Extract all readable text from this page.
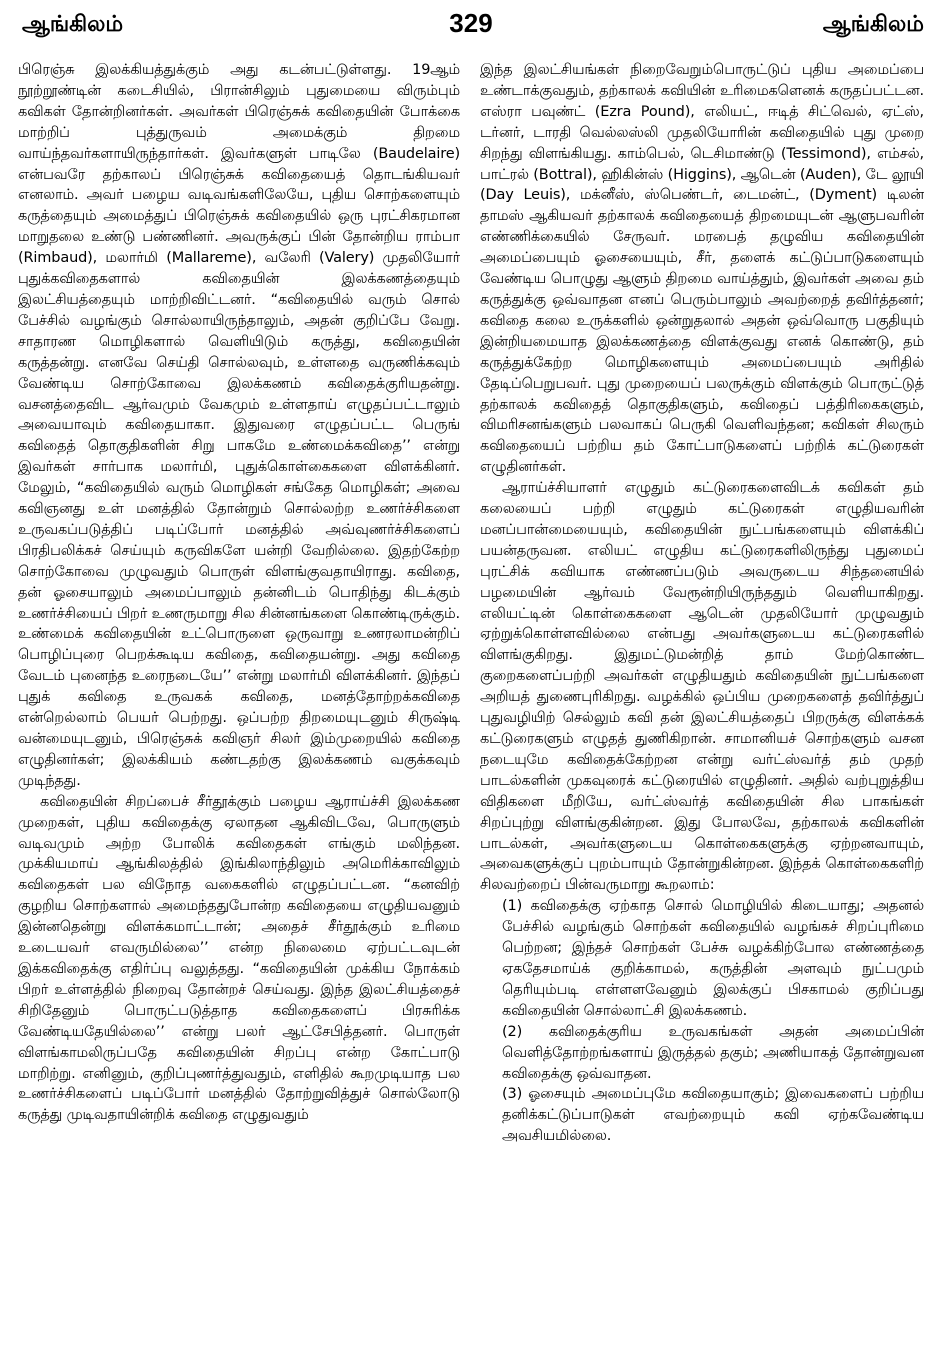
329
ஆங்கிலம்	ஆங்கிலம்

பிரெஞ்சு இலக்கியத்துக்கும் அது கடன்பட்டுள்ளது. 19ஆம் நூற்றூண்டின் கடைசியில், பிரான்சிலும் புதுமையை விரும்பும் கவிகள் தோன்றினர்கள். அவர்கள் பிரெஞ்சுக் கவிதையின் போக்கை மாற்றிப் புத்துருவம் அமைக்கும் திறமை வாய்ந்தவர்களாயிருந்தார்கள். இவர்களுள் பாடிலே (Baudelaire) என்பவரே தற்காலப் பிரெஞ்சுக் கவிதையைத் தொடங்கியவர் எனலாம். அவர் பழைய வடிவங்களிலேயே, புதிய சொற்களையும் கருத்தையும் அமைத்துப் பிரெஞ்சுக் கவிதையில் ஒரு புரட்சிகரமான மாறுதலை உண்டு பண்ணினர். அவருக்குப் பின் தோன்றிய ராம்பா (Rimbaud), மலார்மி (Mallareme), வலேரி (Valery) முதலியோர் புதுக்கவிதைகளால் கவிதையின் இலக்கணத்தையும் இலட்சியத்தையும் மாற்றிவிட்டனர். “கவிதையில் வரும் சொல் பேச்சில் வழங்கும் சொல்லாயிருந்தாலும், அதன் குறிப்பே வேறு. சாதாரண மொழிகளால் வெளியிடும் கருத்து, கவிதையின் கருத்தன்று. எனவே செய்தி சொல்லவும், உள்ளதை வருணிக்கவும் வேண்டிய சொற்கோவை இலக்கணம் கவிதைக்குரியதன்று. வசனத்தைவிட ஆர்வமும் வேகமும் உள்ளதாய் எழுதப்பட்டாலும் அவையாவும் கவிதையாகா. இதுவரை எழுதப்பட்ட பெருங் கவிதைத் தொகுதிகளின் சிறு பாகமே உண்மைக்கவிதை’’ என்று இவர்கள் சார்பாக மலார்மி, புதுக்கொள்கைகளை விளக்கினர். மேலும், “கவிதையில் வரும் மொழிகள் சங்கேத மொழிகள்; அவை கவிஞனது உள் மனத்தில் தோன்றும் சொல்லற்ற உணர்ச்சிகளை உருவகப்படுத்திப் படிப்போர் மனத்தில் அவ்வுணர்ச்சிகளைப் பிரதிபலிக்கச் செய்யும் கருவிகளே யன்றி வேறில்லை. இதற்கேற்ற சொற்கோவை முழுவதும் பொருள் விளங்குவதாயிராது. கவிதை, தன் ஓசையாலும் அமைப்பாலும் தன்னிடம் பொதிந்து கிடக்கும் உணர்ச்சியைப் பிறர் உணருமாறு சில சின்னங்களை கொண்டிருக்கும். உண்மைக் கவிதையின் உட்பொருளை ஒருவாறு உணரலாமன்றிப் பொழிப்புரை பெறக்கூடிய கவிதை, கவிதையன்று. அது கவிதை வேடம் புனைந்த உரைநடையே’’ என்று மலார்மி விளக்கினர். இந்தப் புதுக் கவிதை உருவகக் கவிதை, மனத்தோற்றக்கவிதை என்றெல்லாம் பெயர் பெற்றது. ஒப்பற்ற திறமையுடனும் சிருஷ்டி வன்மையுடனும், பிரெஞ்சுக் கவிஞர் சிலர் இம்முறையில் கவிதை எழுதினர்கள்; இலக்கியம் கண்டதற்கு இலக்கணம் வகுக்கவும் முடிந்தது.

கவிதையின் சிறப்பைச் சீர்தூக்கும் பழைய ஆராய்ச்சி இலக்கண முறைகள், புதிய கவிதைக்கு ஏலாதன ஆகிவிடவே, பொருளும் வடிவமும் அற்ற போலிக் கவிதைகள் எங்கும் மலிந்தன. முக்கியமாய் ஆங்கிலத்தில் இங்கிலாந்திலும் அமெரிக்காவிலும் கவிதைகள் பல விநோத வகைகளில் எழுதப்பட்டன. “கனவிற் குழறிய சொற்களால் அமைந்ததுபோன்ற கவிதையை எழுதியவனும் இன்னதென்று விளக்கமாட்டான்; அதைச் சீர்தூக்கும் உரிமை உடையவர் எவருமில்லை’’ என்ற நிலைமை ஏற்பட்டவுடன் இக்கவிதைக்கு எதிர்ப்பு வலுத்தது. “கவிதையின் முக்கிய நோக்கம் பிறர் உள்ளத்தில் நிறைவு தோன்றச் செய்வது. இந்த இலட்சியத்தைச் சிறிதேனும் பொருட்படுத்தாத கவிதைகளைப் பிரசுரிக்க வேண்டியதேயில்லை’’ என்று பலர் ஆட்சேபித்தனர். பொருள் விளங்காமலிருப்பதே கவிதையின் சிறப்பு என்ற கோட்பாடு மாறிற்று. எனினும், குறிப்புணர்த்துவதும், எளிதில் கூறமுடியாத பல உணர்ச்சிகளைப் படிப்போர் மனத்தில் தோற்றுவித்துச் சொல்லோடு கருத்து முடிவதாயின்றிக் கவிதை எழுதுவதும்

இந்த இலட்சியங்கள் நிறைவேறும்பொருட்டுப் புதிய அமைப்பை உண்டாக்குவதும், தற்காலக் கவியின் உரிமைகளெனக் கருதப்பட்டன. எஸ்ரா பவுண்ட் (Ezra Pound), எலியட், ஈடித் சிட்வெல், ஏட்ஸ், டர்னர், டாரதி வெல்லஸ்லி முதலியோரின் கவிதையில் புது முறை சிறந்து விளங்கியது. காம்பெல், டெசிமாண்டு (Tessimond), எம்சல், பாட்ரல் (Bottral), ஹிகின்ஸ் (Higgins), ஆடென் (Auden), டே லூயி (Day Leuis), மக்னீஸ், ஸ்பெண்டர், டைமன்ட், (Dyment) டிலன் தாமஸ் ஆகியவர் தற்காலக் கவிதையைத் திறமையுடன் ஆளுபவரின் எண்ணிக்கையில் சேருவர். மரபைத் தழுவிய கவிதையின் அமைப்பையும் ஓசையையும், சீர், தளைக் கட்டுப்பாடுகளையும் வேண்டிய பொழுது ஆளும் திறமை வாய்த்தும், இவர்கள் அவை தம் கருத்துக்கு ஒவ்வாதன எனப் பெரும்பாலும் அவற்றைத் தவிர்த்தனர்; கவிதை கலை உருக்களில் ஒன்றுதலால் அதன் ஒவ்வொரு பகுதியும் இன்றியமையாத இலக்கணத்தை விளக்குவது எனக் கொண்டு, தம் கருத்துக்கேற்ற மொழிகளையும் அமைப்பையும் அரிதில் தேடிப்பெறுபவர். புது முறையைப் பலருக்கும் விளக்கும் பொருட்டுத் தற்காலக் கவிதைத் தொகுதிகளும், கவிதைப் பத்திரிகைகளும், விமரிசனங்களும் பலவாகப் பெருகி வெளிவந்தன; கவிகள் சிலரும் கவிதையைப் பற்றிய தம் கோட்பாடுகளைப் பற்றிக் கட்டுரைகள் எழுதினர்கள்.

ஆராய்ச்சியாளர் எழுதும் கட்டுரைகளைவிடக் கவிகள் தம் கலையைப் பற்றி எழுதும் கட்டுரைகள் எழுதியவரின் மனப்பான்மையையும், கவிதையின் நுட்பங்களையும் விளக்கிப் பயன்தருவன. எலியட் எழுதிய கட்டுரைகளிலிருந்து புதுமைப் புரட்சிக் கவியாக எண்ணப்படும் அவருடைய சிந்தனையில் பழமையின் ஆர்வம் வேரூன்றியிருந்ததும் வெளியாகிறது. எலியட்டின் கொள்கைகளை ஆடென் முதலியோர் முழுவதும் ஏற்றுக்கொள்ளவில்லை என்பது அவர்களுடைய கட்டுரைகளில் விளங்குகிறது. இதுமட்டுமன்றித் தாம் மேற்கொண்ட குறைகளைப்பற்றி அவர்கள் எழுதியதும் கவிதையின் நுட்பங்களை அறியத் துணைபுரிகிறது. வழக்கில் ஒப்பிய முறைகளைத் தவிர்த்துப் புதுவழியிற் செல்லும் கவி தன் இலட்சியத்தைப் பிறருக்கு விளக்கக் கட்டுரைகளும் எழுதத் துணிகிறான். சாமானியச் சொற்களும் வசன நடையுமே கவிதைக்கேற்றன என்று வர்ட்ஸ்வர்த் தம் முதற் பாடல்களின் முகவுரைக் கட்டுரையில் எழுதினர். அதில் வற்புறுத்திய விதிகளை மீறியே, வர்ட்ஸ்வர்த் கவிதையின் சில பாகங்கள் சிறப்புற்று விளங்குகின்றன. இது போலவே, தற்காலக் கவிகளின் பாடல்கள், அவர்களுடைய கொள்கைகளுக்கு ஏற்றனவாயும், அவைகளுக்குப் புறம்பாயும் தோன்றுகின்றன. இந்தக் கொள்கைகளிற் சிலவற்றைப் பின்வருமாறு கூறலாம்:

(1) கவிதைக்கு ஏற்காத சொல் மொழியில் கிடையாது; அதனல் பேச்சில் வழங்கும் சொற்கள் கவிதையில் வழங்கச் சிறப்புரிமை பெற்றன; இந்தச் சொற்கள் பேச்சு வழக்கிற்போல எண்ணத்தை ஏகதேசமாய்க் குறிக்காமல், கருத்தின் அளவும் நுட்பமும் தெரியும்படி எள்ளளவேனும் இலக்குப் பிசகாமல் குறிப்பது கவிதையின் சொல்லாட்சி இலக்கணம்.

(2) கவிதைக்குரிய உருவகங்கள் அதன் அமைப்பின் வெளித்தோற்றங்களாய் இருத்தல் தகும்; அணியாகத் தோன்றுவன கவிதைக்கு ஒவ்வாதன.

(3) ஓசையும் அமைப்புமே கவிதையாகும்; இவைகளைப் பற்றிய தனிக்கட்டுப்பாடுகள் எவற்றையும் கவி ஏற்கவேண்டிய அவசியமில்லை.
